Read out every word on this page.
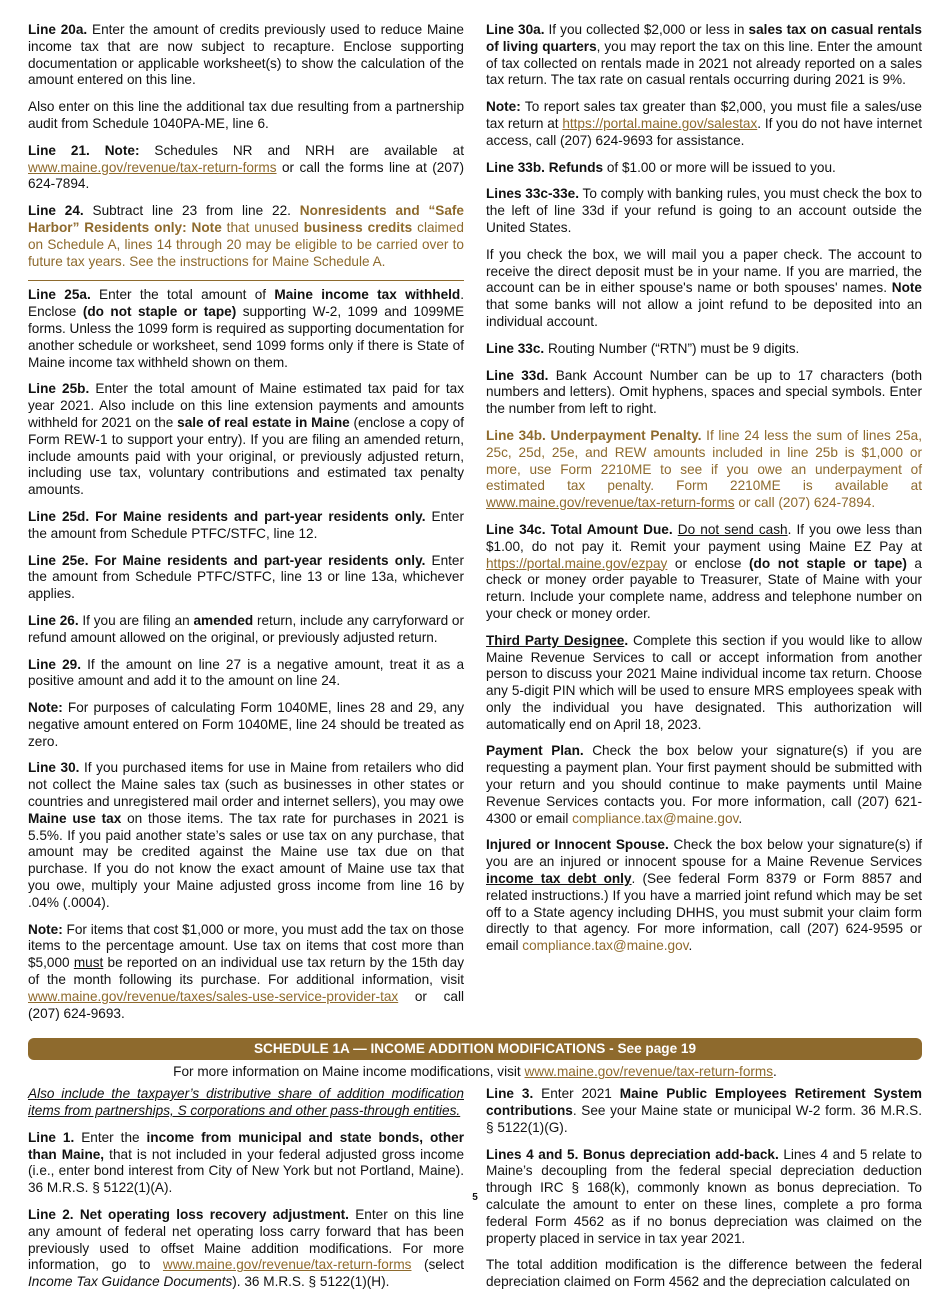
Line 20a. Enter the amount of credits previously used to reduce Maine income tax that are now subject to recapture. Enclose supporting documentation or applicable worksheet(s) to show the calculation of the amount entered on this line.

Also enter on this line the additional tax due resulting from a partnership audit from Schedule 1040PA-ME, line 6.

Line 21. Note: Schedules NR and NRH are available at www.maine.gov/revenue/tax-return-forms or call the forms line at (207) 624-7894.

Line 24. Subtract line 23 from line 22. Nonresidents and “Safe Harbor” Residents only: Note that unused business credits claimed on Schedule A, lines 14 through 20 may be eligible to be carried over to future tax years. See the instructions for Maine Schedule A.

Line 25a. Enter the total amount of Maine income tax withheld. Enclose (do not staple or tape) supporting W-2, 1099 and 1099ME forms. Unless the 1099 form is required as supporting documentation for another schedule or worksheet, send 1099 forms only if there is State of Maine income tax withheld shown on them.

Line 25b. Enter the total amount of Maine estimated tax paid for tax year 2021. Also include on this line extension payments and amounts withheld for 2021 on the sale of real estate in Maine (enclose a copy of Form REW-1 to support your entry). If you are filing an amended return, include amounts paid with your original, or previously adjusted return, including use tax, voluntary contributions and estimated tax penalty amounts.

Line 25d. For Maine residents and part-year residents only. Enter the amount from Schedule PTFC/STFC, line 12.

Line 25e. For Maine residents and part-year residents only. Enter the amount from Schedule PTFC/STFC, line 13 or line 13a, whichever applies.

Line 26. If you are filing an amended return, include any carryforward or refund amount allowed on the original, or previously adjusted return.

Line 29. If the amount on line 27 is a negative amount, treat it as a positive amount and add it to the amount on line 24.

Note: For purposes of calculating Form 1040ME, lines 28 and 29, any negative amount entered on Form 1040ME, line 24 should be treated as zero.

Line 30. If you purchased items for use in Maine from retailers who did not collect the Maine sales tax (such as businesses in other states or countries and unregistered mail order and internet sellers), you may owe Maine use tax on those items. The tax rate for purchases in 2021 is 5.5%. If you paid another state’s sales or use tax on any purchase, that amount may be credited against the Maine use tax due on that purchase. If you do not know the exact amount of Maine use tax that you owe, multiply your Maine adjusted gross income from line 16 by .04% (.0004).

Note: For items that cost $1,000 or more, you must add the tax on those items to the percentage amount. Use tax on items that cost more than $5,000 must be reported on an individual use tax return by the 15th day of the month following its purchase. For additional information, visit www.maine.gov/revenue/taxes/sales-use-service-provider-tax or call (207) 624-9693.

Line 30a. If you collected $2,000 or less in sales tax on casual rentals of living quarters, you may report the tax on this line. Enter the amount of tax collected on rentals made in 2021 not already reported on a sales tax return. The tax rate on casual rentals occurring during 2021 is 9%.

Note: To report sales tax greater than $2,000, you must file a sales/use tax return at https://portal.maine.gov/salestax. If you do not have internet access, call (207) 624-9693 for assistance.

Line 33b. Refunds of $1.00 or more will be issued to you.

Lines 33c-33e. To comply with banking rules, you must check the box to the left of line 33d if your refund is going to an account outside the United States.

If you check the box, we will mail you a paper check. The account to receive the direct deposit must be in your name. If you are married, the account can be in either spouse's name or both spouses' names. Note that some banks will not allow a joint refund to be deposited into an individual account.

Line 33c. Routing Number (“RTN”) must be 9 digits.

Line 33d. Bank Account Number can be up to 17 characters (both numbers and letters). Omit hyphens, spaces and special symbols. Enter the number from left to right.

Line 34b. Underpayment Penalty. If line 24 less the sum of lines 25a, 25c, 25d, 25e, and REW amounts included in line 25b is $1,000 or more, use Form 2210ME to see if you owe an underpayment of estimated tax penalty. Form 2210ME is available at www.maine.gov/revenue/tax-return-forms or call (207) 624-7894.

Line 34c. Total Amount Due. Do not send cash. If you owe less than $1.00, do not pay it. Remit your payment using Maine EZ Pay at https://portal.maine.gov/ezpay or enclose (do not staple or tape) a check or money order payable to Treasurer, State of Maine with your return. Include your complete name, address and telephone number on your check or money order.

Third Party Designee. Complete this section if you would like to allow Maine Revenue Services to call or accept information from another person to discuss your 2021 Maine individual income tax return. Choose any 5-digit PIN which will be used to ensure MRS employees speak with only the individual you have designated. This authorization will automatically end on April 18, 2023.

Payment Plan. Check the box below your signature(s) if you are requesting a payment plan. Your first payment should be submitted with your return and you should continue to make payments until Maine Revenue Services contacts you. For more information, call (207) 621-4300 or email compliance.tax@maine.gov.

Injured or Innocent Spouse. Check the box below your signature(s) if you are an injured or innocent spouse for a Maine Revenue Services income tax debt only. (See federal Form 8379 or Form 8857 and related instructions.) If you have a married joint refund which may be set off to a State agency including DHHS, you must submit your claim form directly to that agency. For more information, call (207) 624-9595 or email compliance.tax@maine.gov.

SCHEDULE 1A — INCOME ADDITION MODIFICATIONS - See page 19
For more information on Maine income modifications, visit www.maine.gov/revenue/tax-return-forms.

Also include the taxpayer’s distributive share of addition modification items from partnerships, S corporations and other pass-through entities.

Line 1. Enter the income from municipal and state bonds, other than Maine, that is not included in your federal adjusted gross income (i.e., enter bond interest from City of New York but not Portland, Maine). 36 M.R.S. § 5122(1)(A).

Line 2. Net operating loss recovery adjustment. Enter on this line any amount of federal net operating loss carry forward that has been previously used to offset Maine addition modifications. For more information, go to www.maine.gov/revenue/tax-return-forms (select Income Tax Guidance Documents). 36 M.R.S. § 5122(1)(H).

Line 3. Enter 2021 Maine Public Employees Retirement System contributions. See your Maine state or municipal W-2 form. 36 M.R.S. § 5122(1)(G).

Lines 4 and 5. Bonus depreciation add-back. Lines 4 and 5 relate to Maine’s decoupling from the federal special depreciation deduction through IRC § 168(k), commonly known as bonus depreciation. To calculate the amount to enter on these lines, complete a pro forma federal Form 4562 as if no bonus depreciation was claimed on the property placed in service in tax year 2021.

The total addition modification is the difference between the federal depreciation claimed on Form 4562 and the depreciation calculated on

5
